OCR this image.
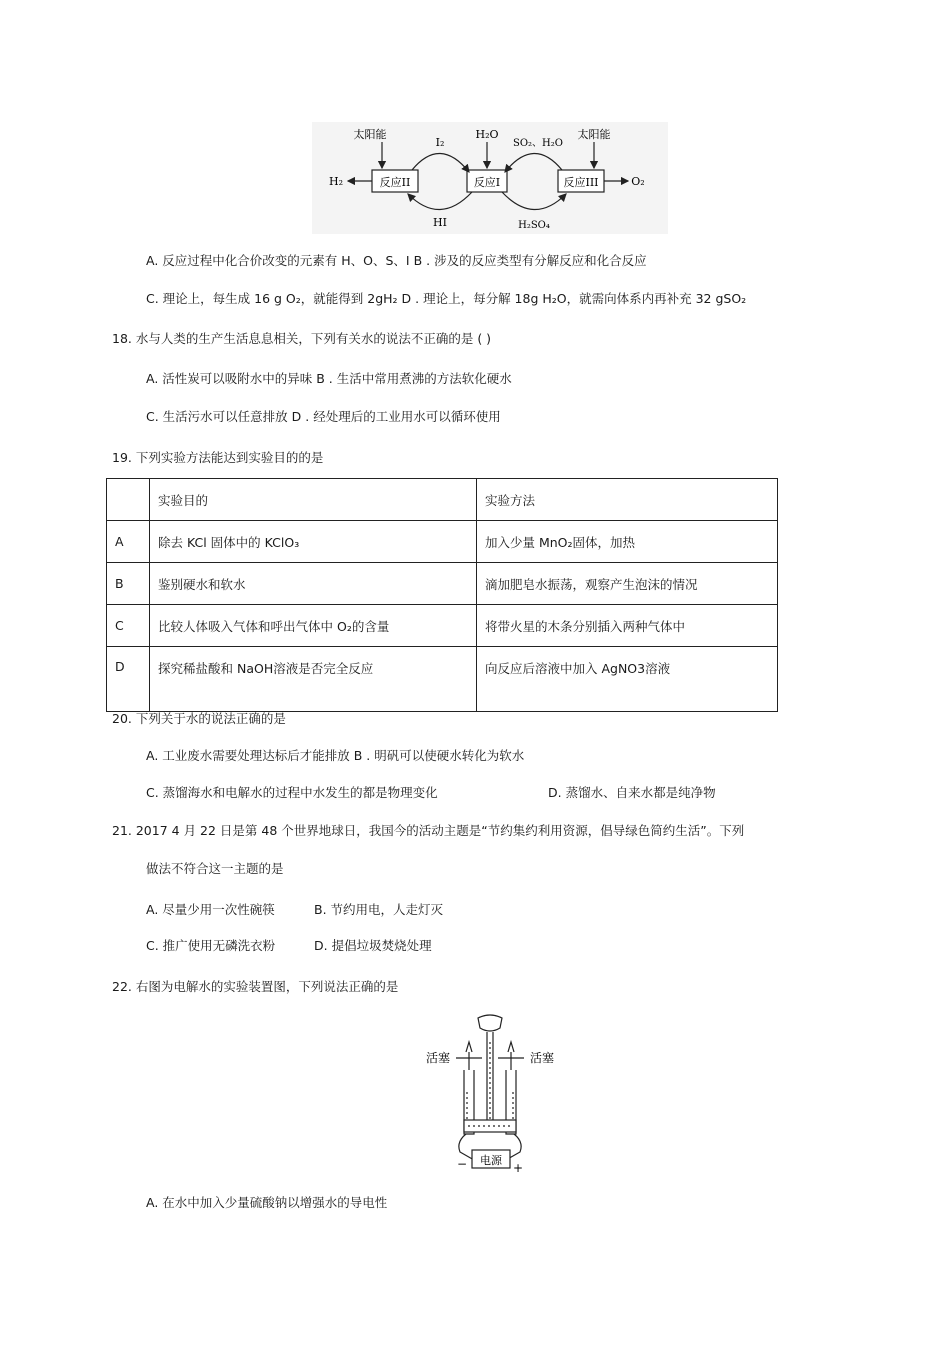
太阳能
反应II	反应I	反应III
H₂	O₂
H₂O	太阳能
I₂
HI
SO₂、H₂O
H₂SO₄
A. 反应过程中化合价改变的元素有 H、O、S、I B . 涉及的反应类型有分解反应和化合反应
C. 理论上，每生成 16 g O₂，就能得到 2gH₂ D . 理论上，每分解 18g H₂O，就需向体系内再补充 32 gSO₂
18. 水与人类的生产生活息息相关，下列有关水的说法不正确的是 ( )
A. 活性炭可以吸附水中的异味 B . 生活中常用煮沸的方法软化硬水
C. 生活污水可以任意排放 D . 经处理后的工业用水可以循环使用
19. 下列实验方法能达到实验目的的是
	实验目的	实验方法
A	除去 KCl 固体中的 KClO₃	加入少量 MnO₂固体，加热
B	鉴别硬水和软水	滴加肥皂水振荡，观察产生泡沫的情况
C	比较人体吸入气体和呼出气体中 O₂的含量	将带火星的木条分别插入两种气体中
D	探究稀盐酸和 NaOH溶液是否完全反应	向反应后溶液中加入 AgNO3溶液
20. 下列关于水的说法正确的是
A. 工业废水需要处理达标后才能排放 B . 明矾可以使硬水转化为软水
C. 蒸馏海水和电解水的过程中水发生的都是物理变化	D. 蒸馏水、自来水都是纯净物
21. 2017 4 月 22 日是第 48 个世界地球日，我国今的活动主题是“节约集约利用资源，倡导绿色简约生活”。下列
做法不符合这一主题的是
A. 尽量少用一次性碗筷	B. 节约用电，人走灯灭
C. 推广使用无磷洗衣粉	D. 提倡垃圾焚烧处理
22. 右图为电解水的实验装置图，下列说法正确的是
活塞	活塞
电源
−	+
A. 在水中加入少量硫酸钠以增强水的导电性
